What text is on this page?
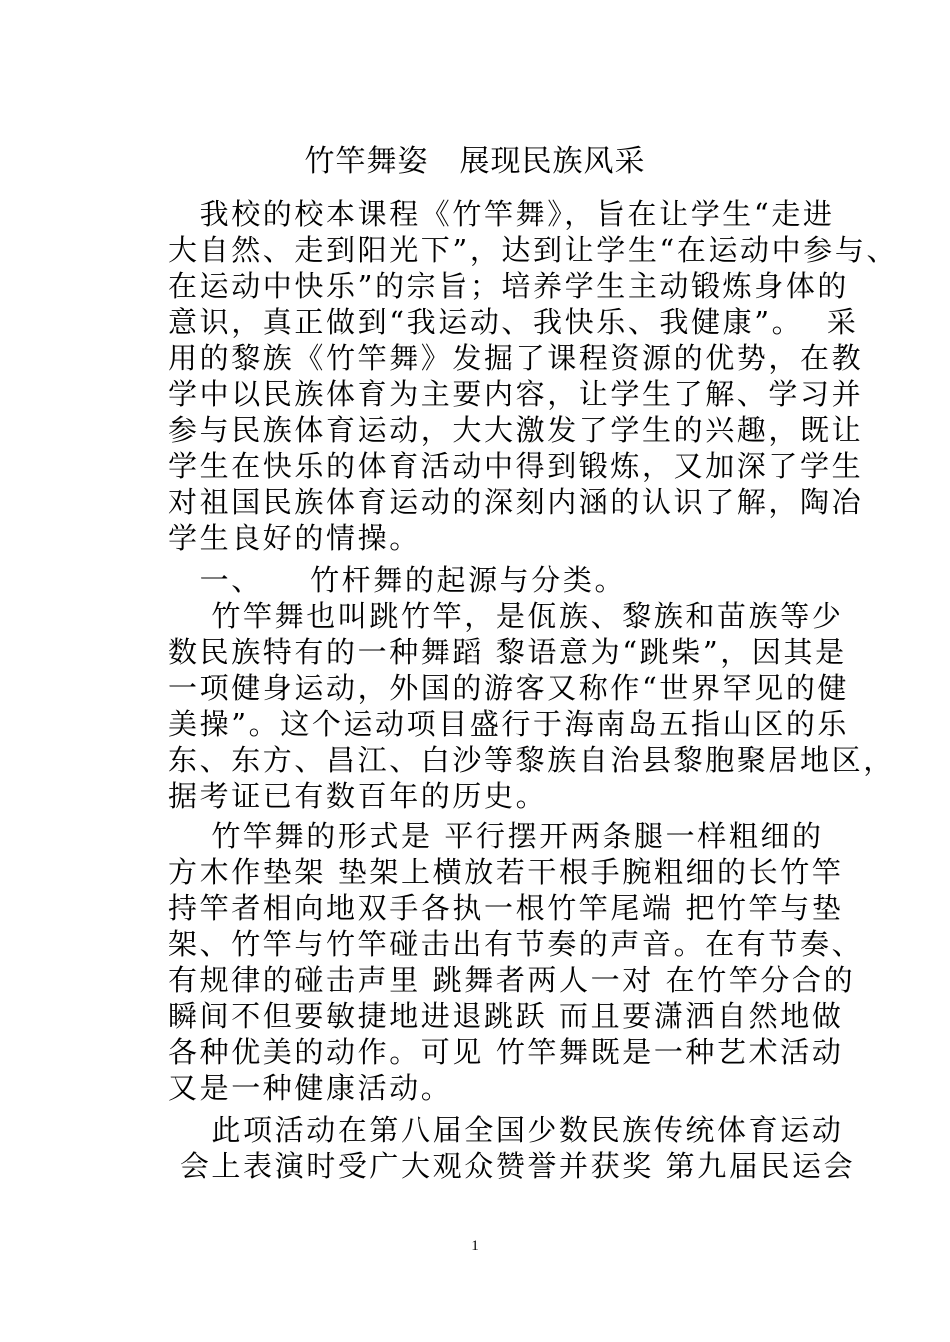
竹竿舞姿　展现民族风采
　我校的校本课程《竹竿舞》，旨在让学生“走进
大自然、走到阳光下”，达到让学生“在运动中参与、
在运动中快乐”的宗旨；培养学生主动锻炼身体的
意识，真正做到“我运动、我快乐、我健康”。  采
用的黎族《竹竿舞》发掘了课程资源的优势，在教
学中以民族体育为主要内容，让学生了解、学习并
参与民族体育运动，大大激发了学生的兴趣，既让
学生在快乐的体育活动中得到锻炼，又加深了学生
对祖国民族体育运动的深刻内涵的认识了解，陶冶
学生良好的情操。
　一、    竹杆舞的起源与分类。
　 竹竿舞也叫跳竹竿，是佤族、黎族和苗族等少
数民族特有的一种舞蹈 黎语意为“跳柴”，因其是
一项健身运动，外国的游客又称作“世界罕见的健
美操”。这个运动项目盛行于海南岛五指山区的乐
东、东方、昌江、白沙等黎族自治县黎胞聚居地区，
据考证已有数百年的历史。
　 竹竿舞的形式是 平行摆开两条腿一样粗细的
方木作垫架 垫架上横放若干根手腕粗细的长竹竿
持竿者相向地双手各执一根竹竿尾端 把竹竿与垫
架、竹竿与竹竿碰击出有节奏的声音。在有节奏、
有规律的碰击声里 跳舞者两人一对 在竹竿分合的
瞬间不但要敏捷地进退跳跃 而且要潇洒自然地做
各种优美的动作。可见 竹竿舞既是一种艺术活动
又是一种健康活动。
　 此项活动在第八届全国少数民族传统体育运动
会上表演时受广大观众赞誉并获奖 第九届民运会
1
